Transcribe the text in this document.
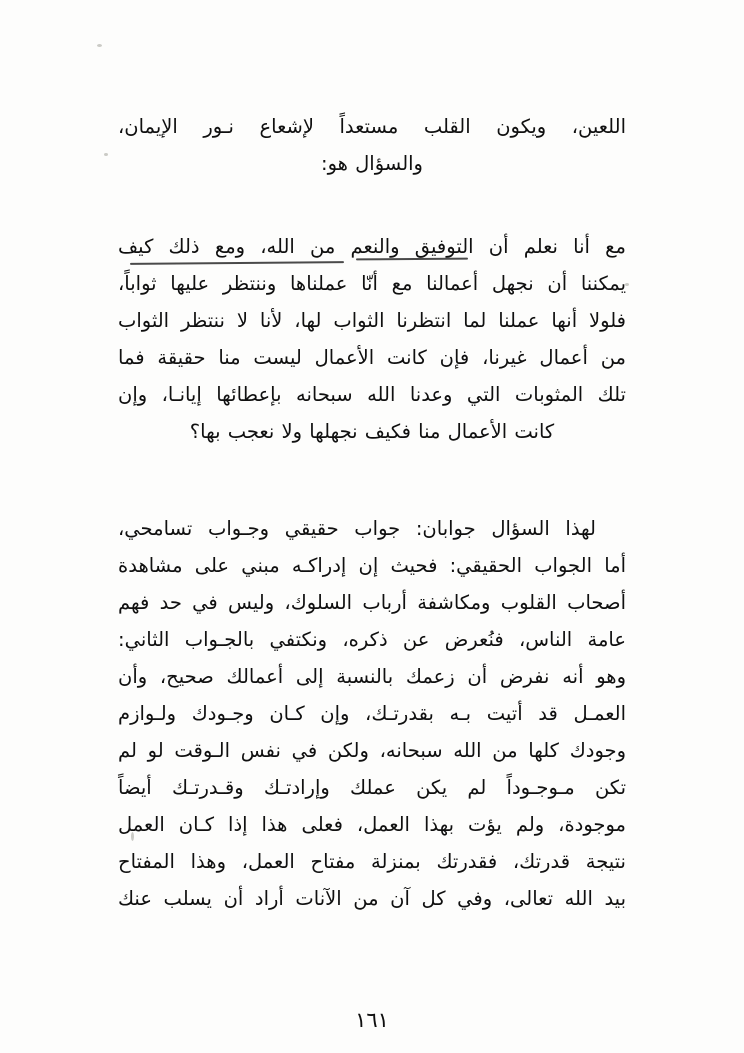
اللعين، ويكون القلب مستعداً لإشعاع نـور الإيمان،
والسؤال هو:
مع أنا نعلم أن التوفيق والنعم من الله، ومع ذلك كيف
يمكننا أن نجهل أعمالنا مع أنّا عملناها وننتظر عليها ثواباً،
فلولا أنها عملنا لما انتظرنا الثواب لها، لأنا لا ننتظر الثواب
من أعمال غيرنا، فإن كانت الأعمال ليست منا حقيقة فما
تلك المثوبات التي وعدنا الله سبحانه بإعطائها إيانـا، وإن
كانت الأعمال منا فكيف نجهلها ولا نعجب بها؟
لهذا السؤال جوابان: جواب حقيقي وجـواب تسامحي،
أما الجواب الحقيقي: فحيث إن إدراكـه مبني على مشاهدة
أصحاب القلوب ومكاشفة أرباب السلوك، وليس في حد فهم
عامة الناس، فنُعرض عن ذكره، ونكتفي بالجـواب الثاني:
وهو أنه نفرض أن زعمك بالنسبة إلى أعمالك صحيح، وأن
العمـل قد أتيت بـه بقدرتـك، وإن كـان وجـودك ولـوازم
وجودك كلها من الله سبحانه، ولكن في نفس الـوقت لو لم
تكن مـوجـوداً لم يكن عملك وإرادتـك وقـدرتـك أيضاً
موجودة، ولم يؤت بهذا العمل، فعلى هذا إذا كـان العمل
نتيجة قدرتك، فقدرتك بمنزلة مفتاح العمل، وهذا المفتاح
بيد الله تعالى، وفي كل آن من الآنات أراد أن يسلب عنك
١٦١
